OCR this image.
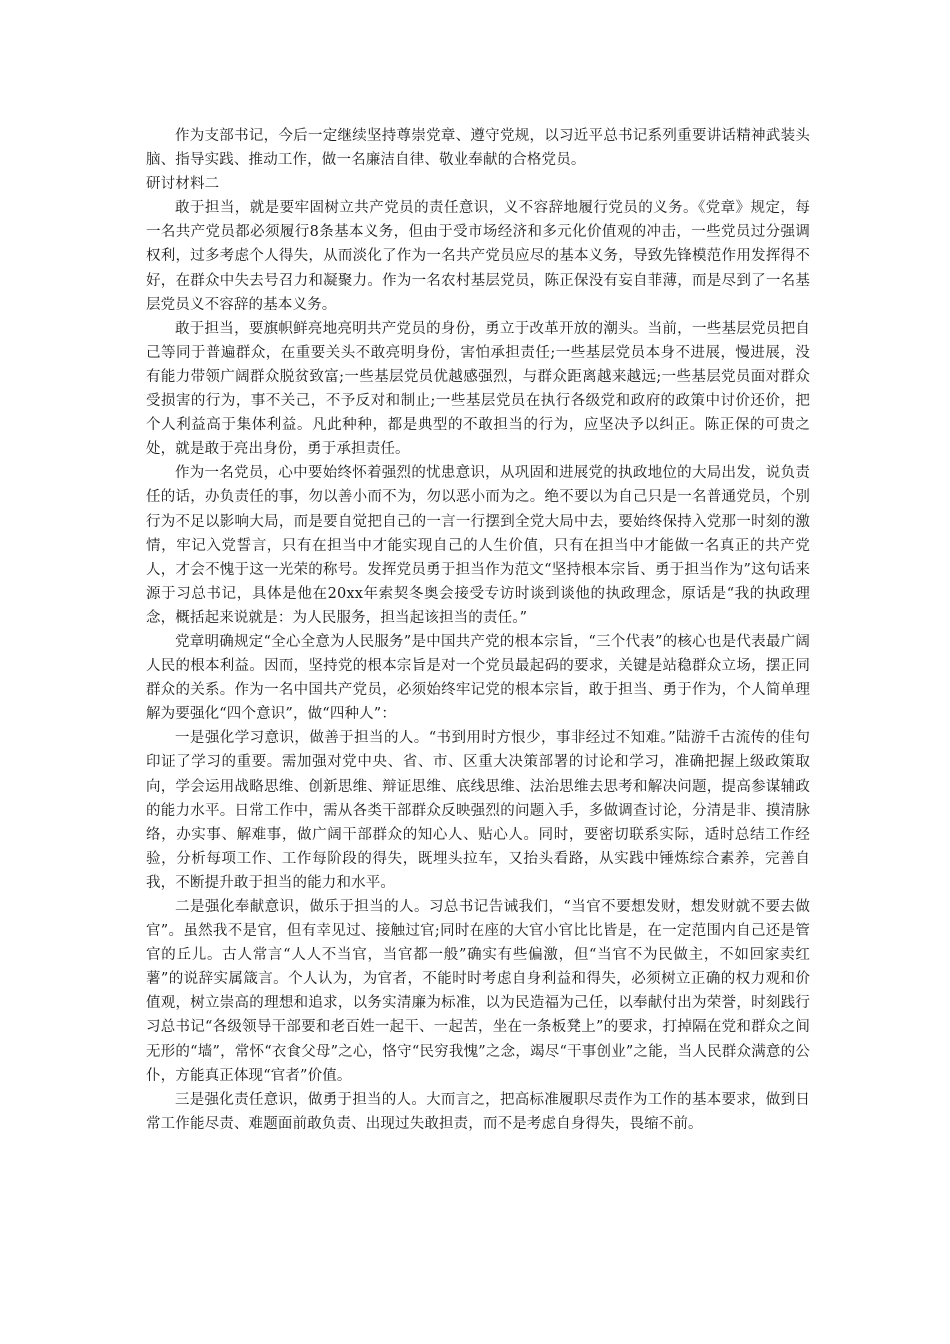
作为支部书记，今后一定继续坚持尊崇党章、遵守党规，以习近平总书记系列重要讲话精神武装头脑、指导实践、推动工作，做一名廉洁自律、敬业奉献的合格党员。

研讨材料二

敢于担当，就是要牢固树立共产党员的责任意识，义不容辞地履行党员的义务。《党章》规定，每一名共产党员都必须履行8条基本义务，但由于受市场经济和多元化价值观的冲击，一些党员过分强调权利，过多考虑个人得失，从而淡化了作为一名共产党员应尽的基本义务，导致先锋模范作用发挥得不好，在群众中失去号召力和凝聚力。作为一名农村基层党员，陈正保没有妄自菲薄，而是尽到了一名基层党员义不容辞的基本义务。

敢于担当，要旗帜鲜亮地亮明共产党员的身份，勇立于改革开放的潮头。当前，一些基层党员把自己等同于普遍群众，在重要关头不敢亮明身份，害怕承担责任;一些基层党员本身不进展，慢进展，没有能力带领广阔群众脱贫致富;一些基层党员优越感强烈，与群众距离越来越远;一些基层党员面对群众受损害的行为，事不关己，不予反对和制止;一些基层党员在执行各级党和政府的政策中讨价还价，把个人利益高于集体利益。凡此种种，都是典型的不敢担当的行为，应坚决予以纠正。陈正保的可贵之处，就是敢于亮出身份，勇于承担责任。

作为一名党员，心中要始终怀着强烈的忧患意识，从巩固和进展党的执政地位的大局出发，说负责任的话，办负责任的事，勿以善小而不为，勿以恶小而为之。绝不要以为自己只是一名普通党员，个别行为不足以影响大局，而是要自觉把自己的一言一行摆到全党大局中去，要始终保持入党那一时刻的激情，牢记入党誓言，只有在担当中才能实现自己的人生价值，只有在担当中才能做一名真正的共产党人，才会不愧于这一光荣的称号。发挥党员勇于担当作为范文“坚持根本宗旨、勇于担当作为”这句话来源于习总书记，具体是他在20xx年索契冬奥会接受专访时谈到谈他的执政理念，原话是“我的执政理念，概括起来说就是：为人民服务，担当起该担当的责任。”

党章明确规定“全心全意为人民服务”是中国共产党的根本宗旨，“三个代表”的核心也是代表最广阔人民的根本利益。因而，坚持党的根本宗旨是对一个党员最起码的要求，关键是站稳群众立场，摆正同群众的关系。作为一名中国共产党员，必须始终牢记党的根本宗旨，敢于担当、勇于作为，个人简单理解为要强化“四个意识”，做“四种人”：

一是强化学习意识，做善于担当的人。“书到用时方恨少，事非经过不知难。”陆游千古流传的佳句印证了学习的重要。需加强对党中央、省、市、区重大决策部署的讨论和学习，准确把握上级政策取向，学会运用战略思维、创新思维、辩证思维、底线思维、法治思维去思考和解决问题，提高参谋辅政的能力水平。日常工作中，需从各类干部群众反映强烈的问题入手，多做调查讨论，分清是非、摸清脉络，办实事、解难事，做广阔干部群众的知心人、贴心人。同时，要密切联系实际，适时总结工作经验，分析每项工作、工作每阶段的得失，既埋头拉车，又抬头看路，从实践中锤炼综合素养，完善自我，不断提升敢于担当的能力和水平。

二是强化奉献意识，做乐于担当的人。习总书记告诫我们，“当官不要想发财，想发财就不要去做官”。虽然我不是官，但有幸见过、接触过官;同时在座的大官小官比比皆是，在一定范围内自己还是管官的丘儿。古人常言“人人不当官，当官都一般”确实有些偏激，但“当官不为民做主，不如回家卖红薯”的说辞实属箴言。个人认为，为官者，不能时时考虑自身利益和得失，必须树立正确的权力观和价值观，树立崇高的理想和追求，以务实清廉为标准，以为民造福为己任，以奉献付出为荣誉，时刻践行习总书记“各级领导干部要和老百姓一起干、一起苦，坐在一条板凳上”的要求，打掉隔在党和群众之间无形的“墙”，常怀“衣食父母”之心，恪守“民穷我愧”之念，竭尽“干事创业”之能，当人民群众满意的公仆，方能真正体现“官者”价值。

三是强化责任意识，做勇于担当的人。大而言之，把高标准履职尽责作为工作的基本要求，做到日常工作能尽责、难题面前敢负责、出现过失敢担责，而不是考虑自身得失，畏缩不前。
